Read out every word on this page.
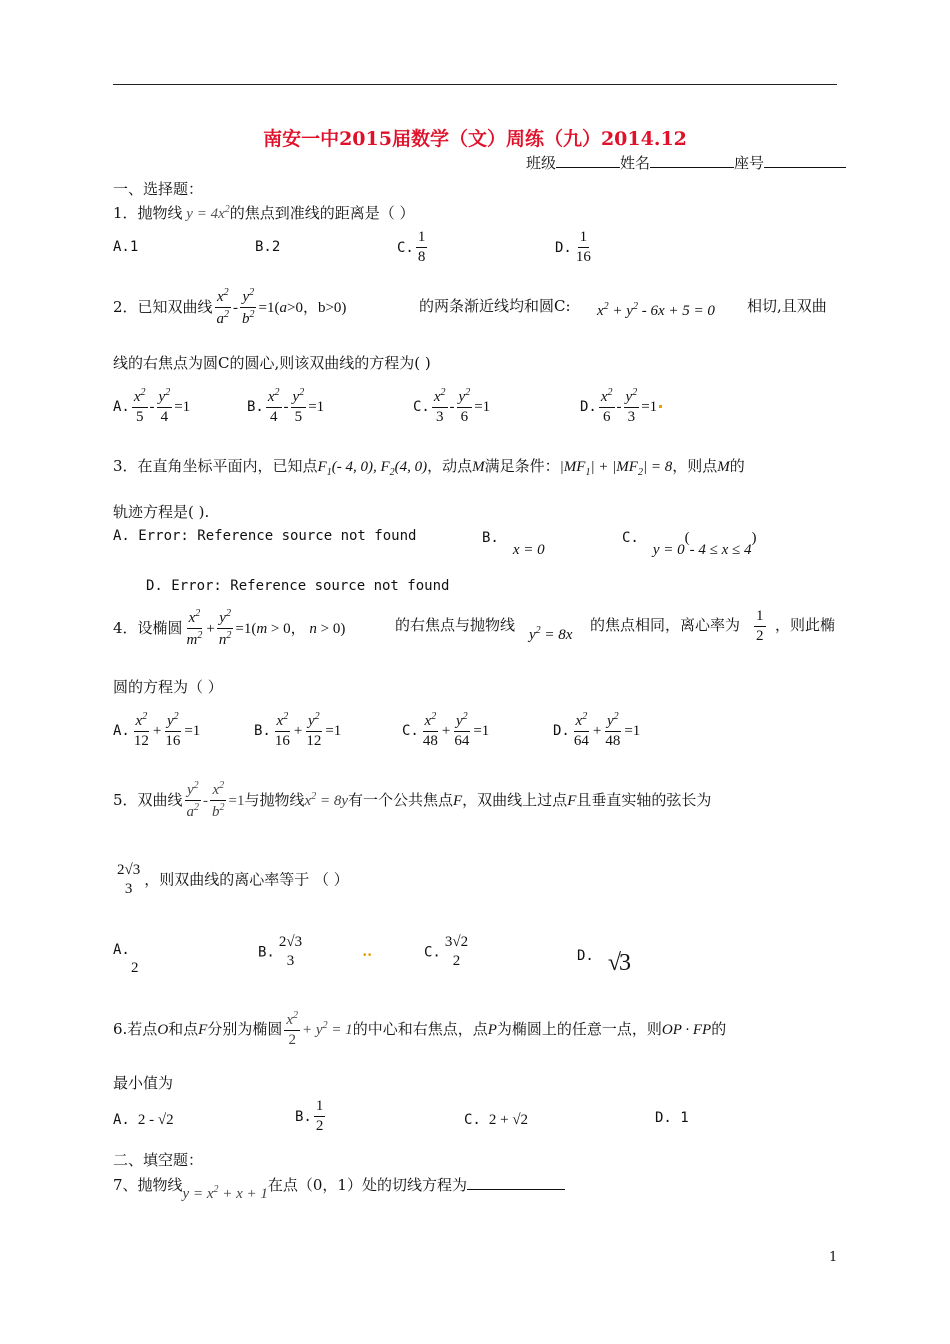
南安一中2015届数学（文）周练（九）2014.12
班级	姓名	座号
一、选择题：
1．抛物线 $y = 4x^2$的焦点到准线的距离是（ ）
A.1	B.2	C. $\frac{1}{8}$	D. $\frac{1}{16}$
2．已知双曲线 $\frac{x^2}{a^2} - \frac{y^2}{b^2} =1(a>0$，b>0)	的两条渐近线均和圆C: $x^2 + y^2 - 6x + 5 = 0$ 相切,且双曲
线的右焦点为圆C的圆心,则该双曲线的方程为( )
A. $\frac{x^2}{5} - \frac{y^2}{4} =1$	B. $\frac{x^2}{4} - \frac{y^2}{5} =1$	C. $\frac{x^2}{3} - \frac{y^2}{6} =1$	D. $\frac{x^2}{6} - \frac{y^2}{3} =1$
3．在直角坐标平面内，已知点$F_1(-$ 4, 0), $F_2(4$, 0)，动点M满足条件：$|MF_1| + |MF_2| = 8$，则点M的
轨迹方程是( ).
A. Error: Reference source not found	B.x = 0
C.y = 0(- 4 ≤ x ≤ 4)
D. Error: Reference source not found
4．设椭圆 $\frac{x^2}{m^2} + \frac{y^2}{n^2} =1(m > 0$， n > 0)	的右焦点与抛物线
$y^2 = 8x$
的焦点相同，离心率为 $\frac{1}{2}$ ，则此椭
圆的方程为（ ）
A. $\frac{x^2}{12} + \frac{y^2}{16} =1$	B. $\frac{x^2}{16} + \frac{y^2}{12} =1$	C. $\frac{x^2}{48} + \frac{y^2}{64} =1$	D. $\frac{x^2}{64} + \frac{y^2}{48} =1$
5．双曲线 $\frac{y^2}{a^2} - \frac{x^2}{b^2} =1$与抛物线$x^2 = 8y$有一个公共焦点F，双曲线上过点F且垂直实轴的弦长为
2√3
3
，则双曲线的离心率等于 （ ）
A.
2
B.
2√3
3
‥	C.
3√2
2	D. √3
6.若点O和点F分别为椭圆 $\frac{x^2}{2} + y^2 = 1$的中心和右焦点，点P为椭圆上的任意一点，则OP · FP的
最小值为
A. 2 - √2	B. $\frac{1}{2}$	C. 2 + √2	D. 1
二、填空题：
7、抛物线$y = x^2 + x + 1$在点（0，1）处的切线方程为
1
